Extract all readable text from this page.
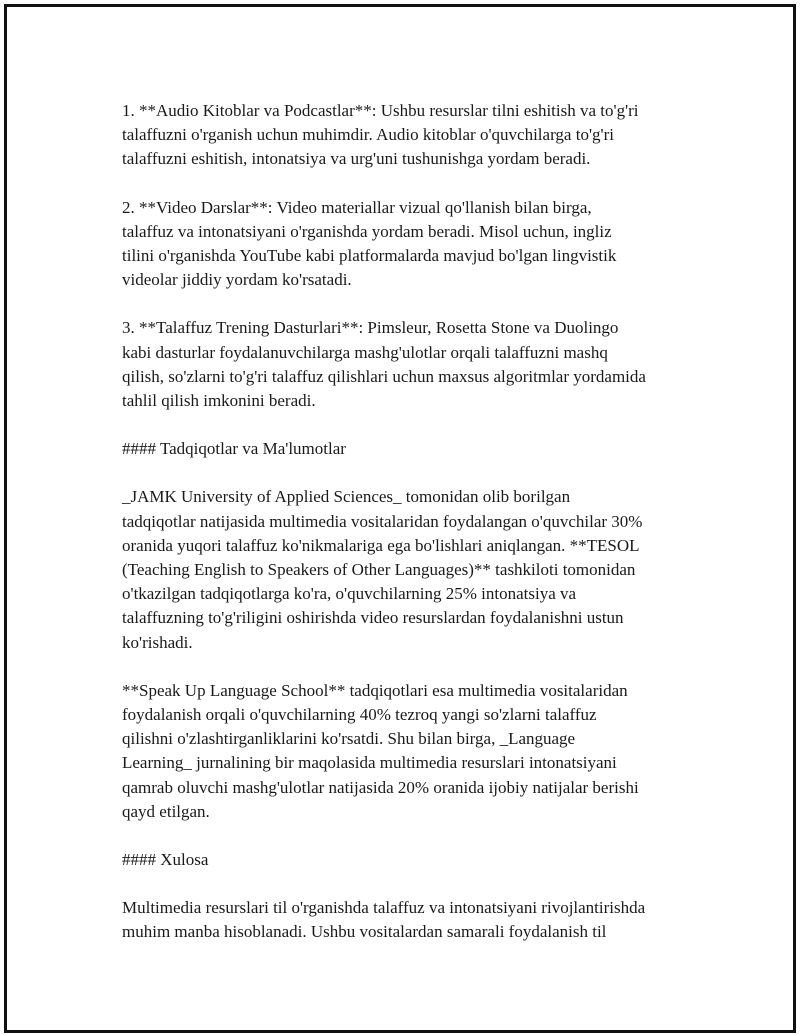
1. **Audio Kitoblar va Podcastlar**: Ushbu resurslar tilni eshitish va to'g'ri
talaffuzni o'rganish uchun muhimdir. Audio kitoblar o'quvchilarga to'g'ri
talaffuzni eshitish, intonatsiya va urg'uni tushunishga yordam beradi.

2. **Video Darslar**: Video materiallar vizual qo'llanish bilan birga,
talaffuz va intonatsiyani o'rganishda yordam beradi. Misol uchun, ingliz
tilini o'rganishda YouTube kabi platformalarda mavjud bo'lgan lingvistik
videolar jiddiy yordam ko'rsatadi.

3. **Talaffuz Trening Dasturlari**: Pimsleur, Rosetta Stone va Duolingo
kabi dasturlar foydalanuvchilarga mashg'ulotlar orqali talaffuzni mashq
qilish, so'zlarni to'g'ri talaffuz qilishlari uchun maxsus algoritmlar yordamida
tahlil qilish imkonini beradi.

#### Tadqiqotlar va Ma'lumotlar

_JAMK University of Applied Sciences_ tomonidan olib borilgan
tadqiqotlar natijasida multimedia vositalaridan foydalangan o'quvchilar 30%
oranida yuqori talaffuz ko'nikmalariga ega bo'lishlari aniqlangan. **TESOL
(Teaching English to Speakers of Other Languages)** tashkiloti tomonidan
o'tkazilgan tadqiqotlarga ko'ra, o'quvchilarning 25% intonatsiya va
talaffuzning to'g'riligini oshirishda video resurslardan foydalanishni ustun
ko'rishadi.

**Speak Up Language School** tadqiqotlari esa multimedia vositalaridan
foydalanish orqali o'quvchilarning 40% tezroq yangi so'zlarni talaffuz
qilishni o'zlashtirganliklarini ko'rsatdi. Shu bilan birga, _Language
Learning_ jurnalining bir maqolasida multimedia resurslari intonatsiyani
qamrab oluvchi mashg'ulotlar natijasida 20% oranida ijobiy natijalar berishi
qayd etilgan.

#### Xulosa

Multimedia resurslari til o'rganishda talaffuz va intonatsiyani rivojlantirishda
muhim manba hisoblanadi. Ushbu vositalardan samarali foydalanish til
